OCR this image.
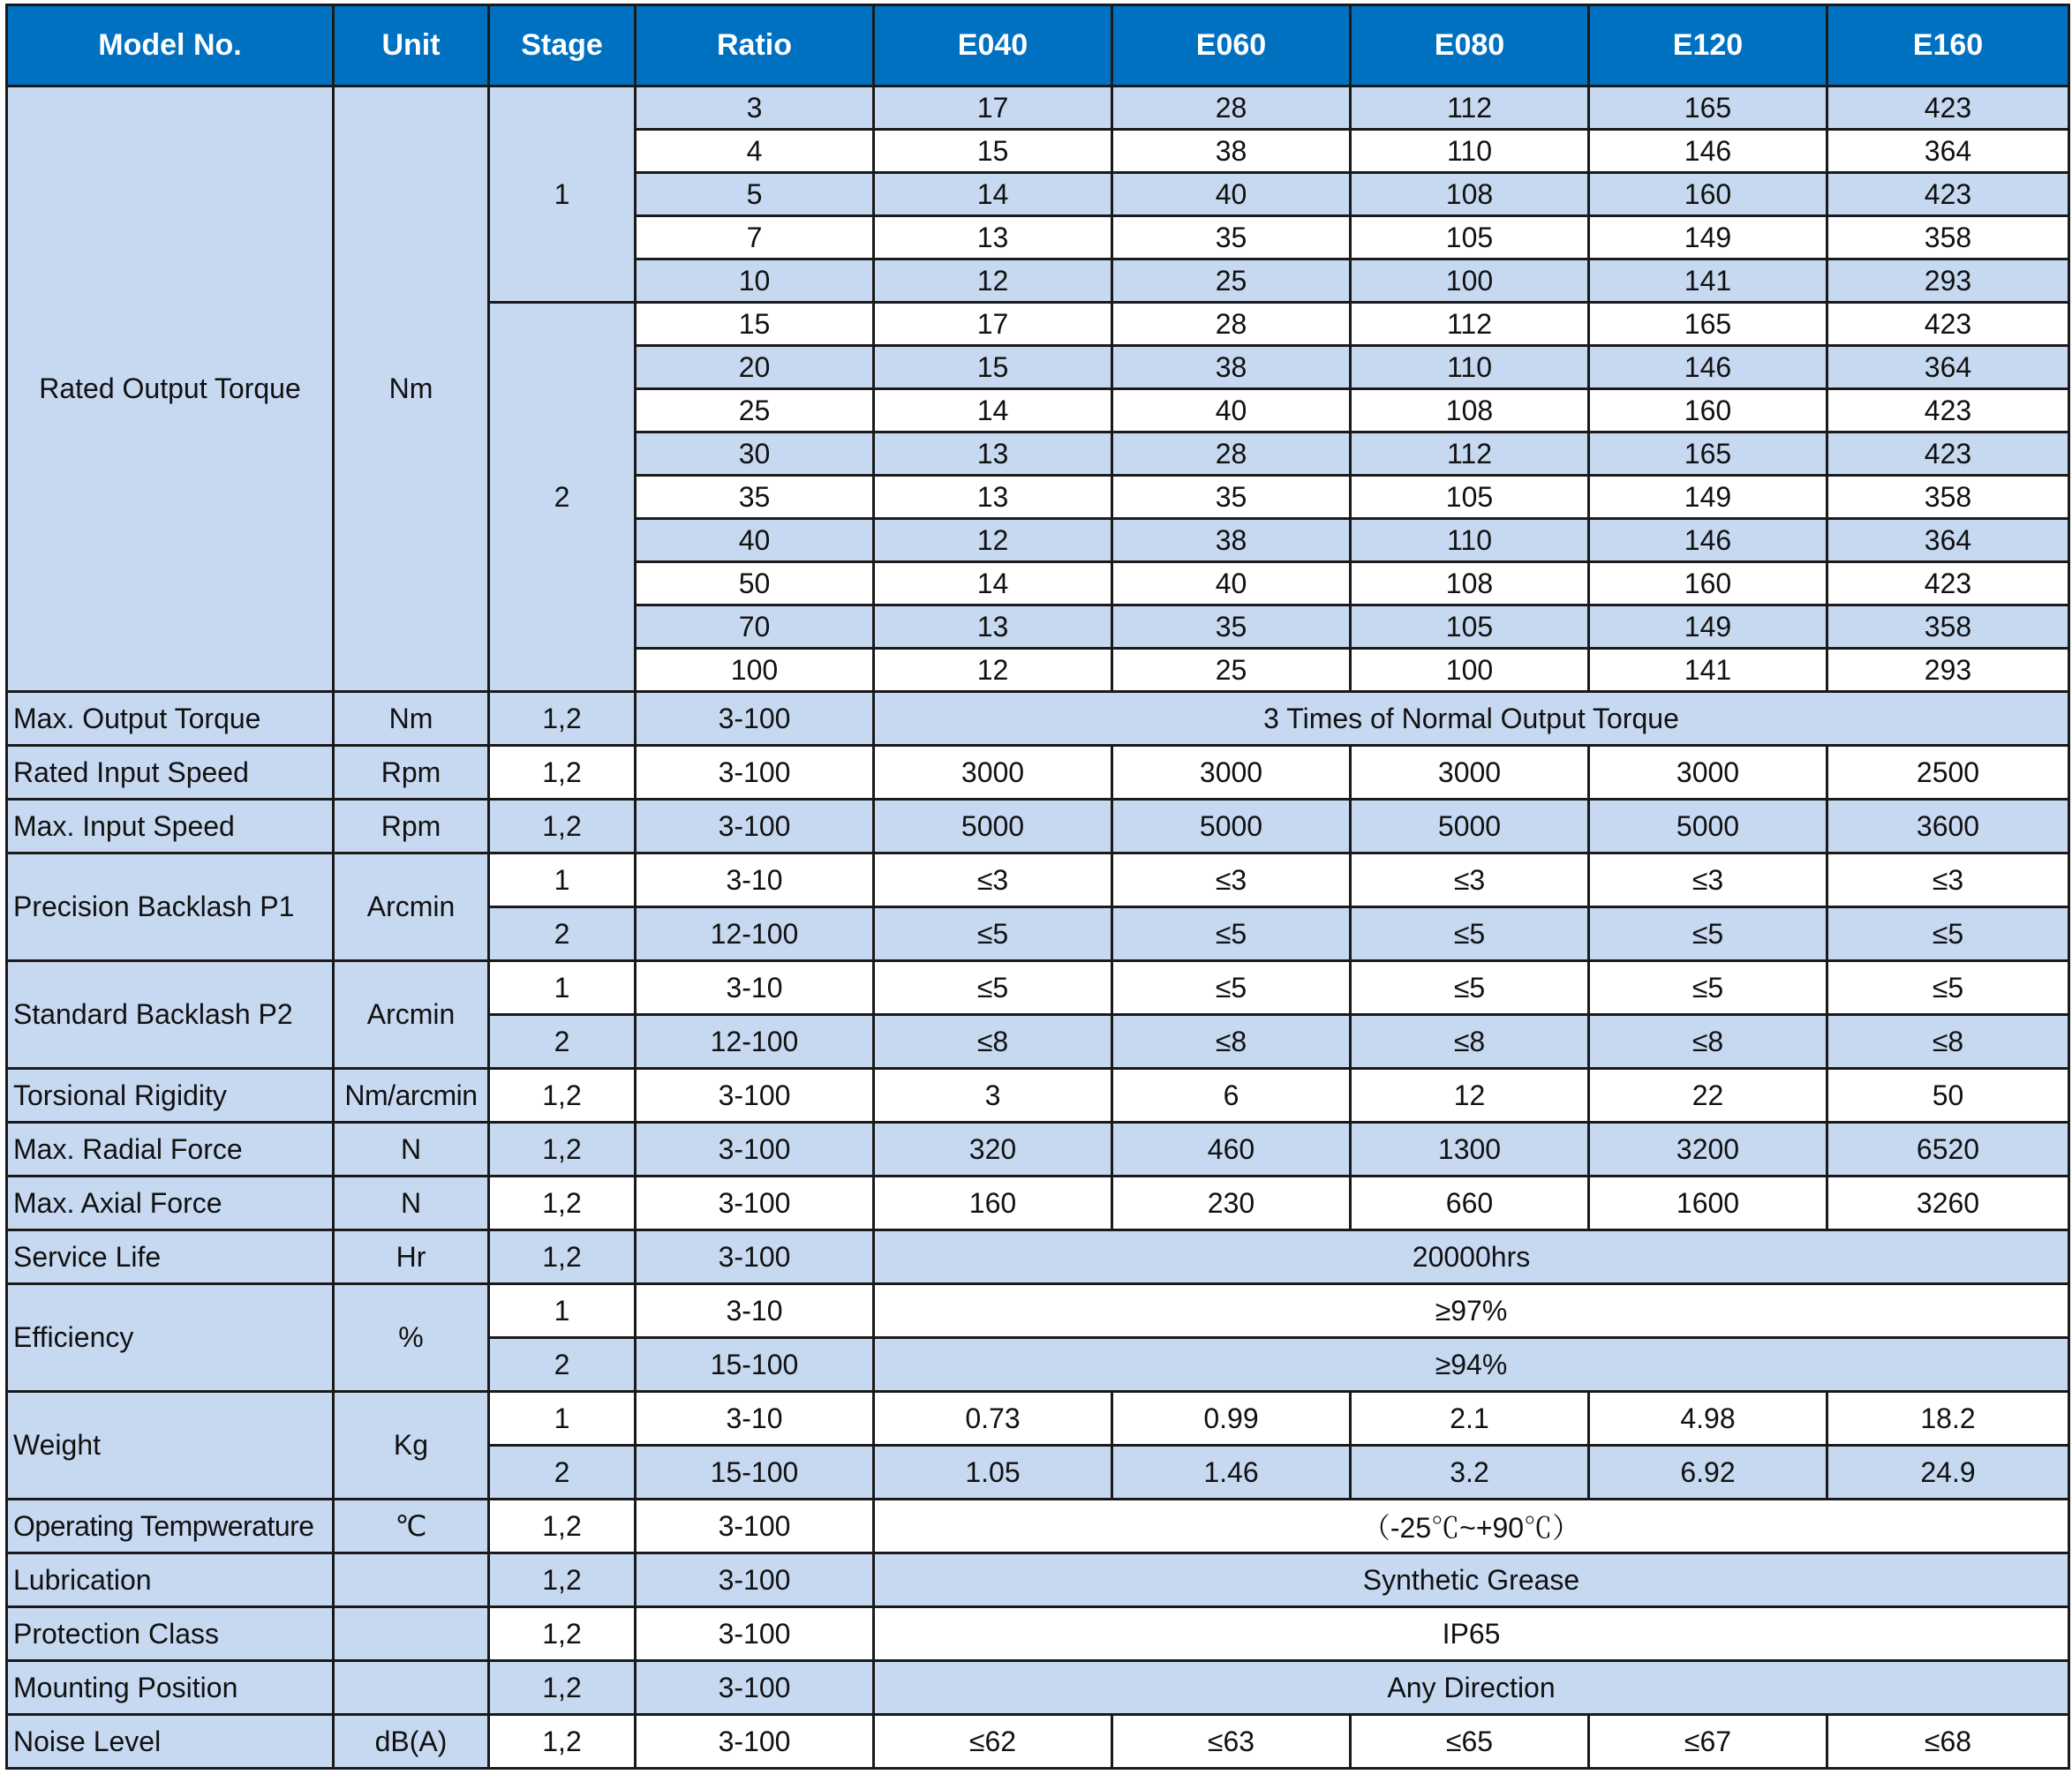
Model No.	Unit	Stage	Ratio	E040	E060	E080	E120	E160
Rated Output Torque	Nm	1	3	17	28	112	165	423
			4	15	38	110	146	364
			5	14	40	108	160	423
			7	13	35	105	149	358
			10	12	25	100	141	293
		2	15	17	28	112	165	423
			20	15	38	110	146	364
			25	14	40	108	160	423
			30	13	28	112	165	423
			35	13	35	105	149	358
			40	12	38	110	146	364
			50	14	40	108	160	423
			70	13	35	105	149	358
			100	12	25	100	141	293
Max. Output Torque	Nm	1,2	3-100	3 Times of Normal Output Torque				
Rated Input Speed	Rpm	1,2	3-100	3000	3000	3000	3000	2500
Max. Input Speed	Rpm	1,2	3-100	5000	5000	5000	5000	3600
Precision Backlash P1	Arcmin	1	3-10	≤3	≤3	≤3	≤3	≤3
		2	12-100	≤5	≤5	≤5	≤5	≤5
Standard Backlash P2	Arcmin	1	3-10	≤5	≤5	≤5	≤5	≤5
		2	12-100	≤8	≤8	≤8	≤8	≤8
Torsional Rigidity	Nm/arcmin	1,2	3-100	3	6	12	22	50
Max. Radial Force	N	1,2	3-100	320	460	1300	3200	6520
Max. Axial Force	N	1,2	3-100	160	230	660	1600	3260
Service Life	Hr	1,2	3-100	20000hrs				
Efficiency	%	1	3-10	≥97%				
		2	15-100	≥94%				
Weight	Kg	1	3-10	0.73	0.99	2.1	4.98	18.2
		2	15-100	1.05	1.46	3.2	6.92	24.9
Operating Tempwerature	℃	1,2	3-100	（-25℃~+90℃）				
Lubrication		1,2	3-100	Synthetic Grease				
Protection Class		1,2	3-100	IP65				
Mounting Position		1,2	3-100	Any Direction				
Noise Level	dB(A)	1,2	3-100	≤62	≤63	≤65	≤67	≤68
